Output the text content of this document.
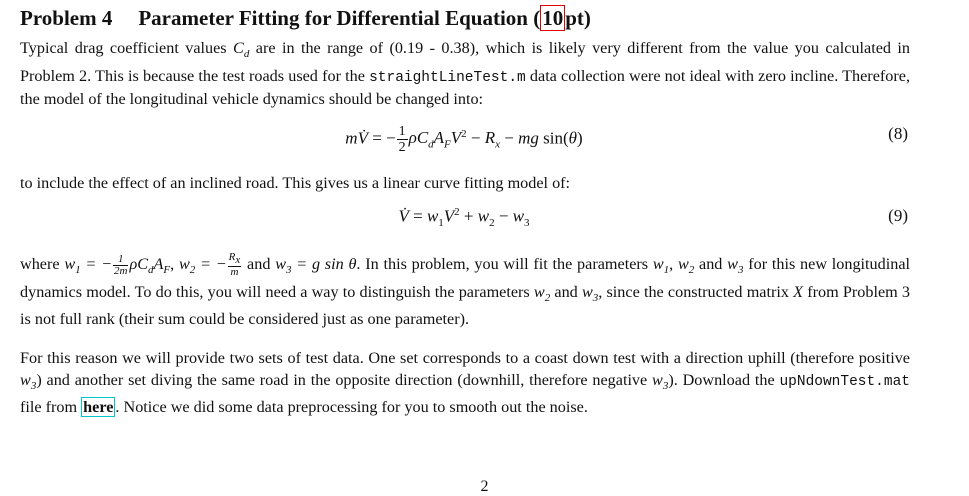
Problem 4 Parameter Fitting for Differential Equation (10pt)
Typical drag coefficient values $C_d$ are in the range of (0.19 - 0.38), which is likely very different from the value you calculated in Problem 2. This is because the test roads used for the straightLineTest.m data collection were not ideal with zero incline. Therefore, the model of the longitudinal vehicle dynamics should be changed into:
mV̇ = − $\frac{1}{2} \rho C_dA_FV^2 - R_x$ − mg sin(θ)	(8)
to include the effect of an inclined road. This gives us a linear curve fitting model of:
V̇ = $w_1V^2 + w_2 - w_3$	(9)
where $w_1$ = − $\frac{1}{2m} \rho C_dA_F$, $w_2$ = − $\frac{R_x}{m}$ and $w_3 = g$ sin θ. In this problem, you will fit the parameters $w_1$, $w_2$ and $w_3$ for this new longitudinal dynamics model. To do this, you will need a way to distinguish the parameters $w_2$ and $w_3$, since the constructed matrix X from Problem 3 is not full rank (their sum could be considered just as one parameter).
For this reason we will provide two sets of test data. One set corresponds to a coast down test with a direction uphill (therefore positive $w_3$) and another set diving the same road in the opposite direction (downhill, therefore negative $w_3$). Download the upNdownTest.mat file from here . Notice we did some data preprocessing for you to smooth out the noise.
2
